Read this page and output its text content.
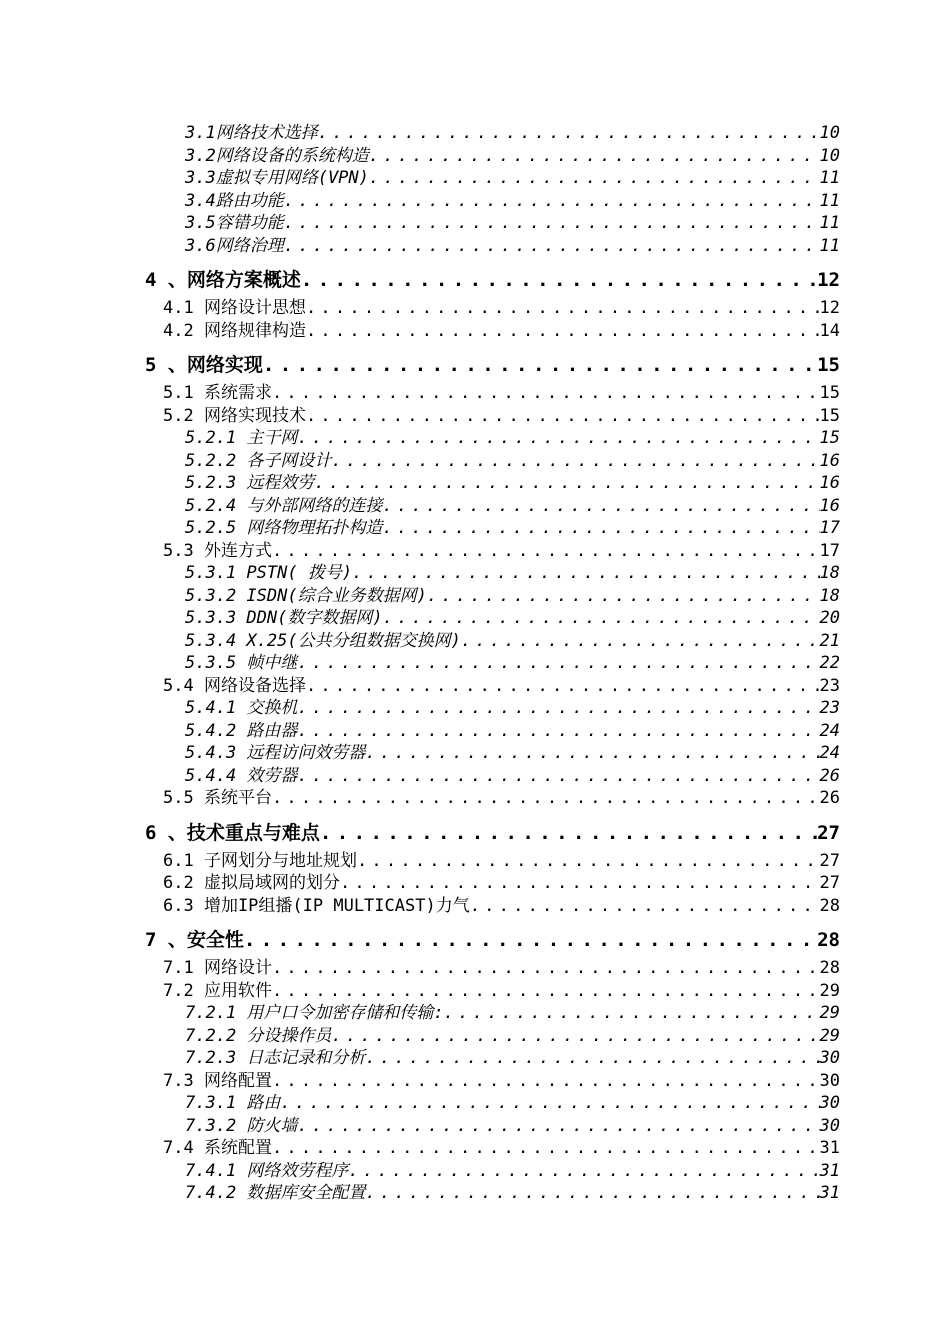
3.1网络技术选择 . . .	10
3.2网络设备的系统构造 . . .	10
3.3虚拟专用网络(VPN) . . .	11
3.4路由功能 . . .	11
3.5容错功能 . . .	11
3.6网络治理 . . .	11
4 、网络方案概述 . . .	12
4.1 网络设计思想 . . .	12
4.2 网络规律构造 . . .	14
5 、网络实现 . . .	15
5.1 系统需求 . . .	15
5.2 网络实现技术 . . .	15
5.2.1 主干网 . . .	15
5.2.2 各子网设计 . . .	16
5.2.3 远程效劳 . . .	16
5.2.4 与外部网络的连接 . . .	16
5.2.5 网络物理拓扑构造 . . .	17
5.3 外连方式 . . .	17
5.3.1 PSTN( 拨号) . . .	18
5.3.2 ISDN(综合业务数据网) . . .	18
5.3.3 DDN(数字数据网) . . .	20
5.3.4 X.25(公共分组数据交换网) . . .	21
5.3.5 帧中继 . . .	22
5.4 网络设备选择 . . .	23
5.4.1 交换机 . . .	23
5.4.2 路由器 . . .	24
5.4.3 远程访问效劳器 . . .	24
5.4.4 效劳器 . . .	26
5.5 系统平台 . . .	26
6 、技术重点与难点 . . .	27
6.1 子网划分与地址规划 . . .	27
6.2 虚拟局域网的划分 . . .	27
6.3 增加IP组播(IP MULTICAST)力气 . . .	28
7 、安全性 . . .	28
7.1 网络设计 . . .	28
7.2 应用软件 . . .	29
7.2.1 用户口令加密存储和传输: . . .	29
7.2.2 分设操作员 . . .	29
7.2.3 日志记录和分析 . . .	30
7.3 网络配置 . . .	30
7.3.1 路由 . . .	30
7.3.2 防火墙 . . .	30
7.4 系统配置 . . .	31
7.4.1 网络效劳程序 . . .	31
7.4.2 数据库安全配置 . . .	31
